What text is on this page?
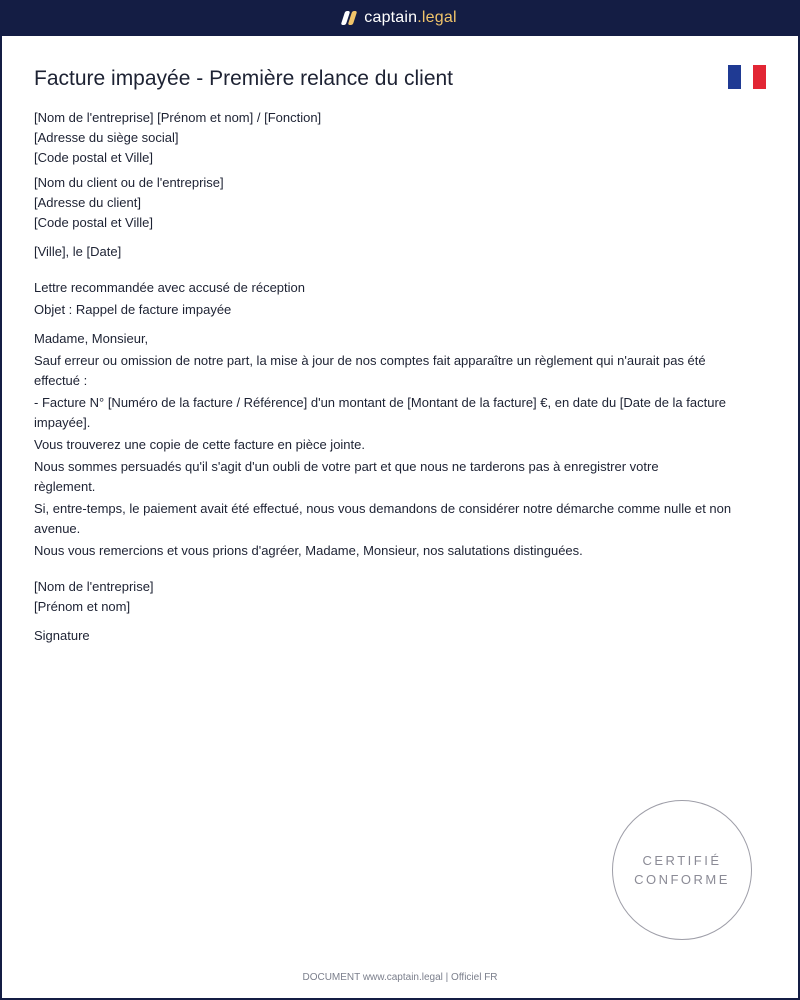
captain.legal
Facture impayée - Première relance du client
[Nom de l'entreprise] [Prénom et nom] / [Fonction]
[Adresse du siège social]
[Code postal et Ville]
[Nom du client ou de l'entreprise]
[Adresse du client]
[Code postal et Ville]
[Ville], le [Date]
Lettre recommandée avec accusé de réception
Objet : Rappel de facture impayée
Madame, Monsieur,
Sauf erreur ou omission de notre part, la mise à jour de nos comptes fait apparaître un règlement qui n'aurait pas été effectué :
- Facture N° [Numéro de la facture / Référence] d'un montant de [Montant de la facture] €, en date du [Date de la facture impayée].
Vous trouverez une copie de cette facture en pièce jointe.
Nous sommes persuadés qu'il s'agit d'un oubli de votre part et que nous ne tarderons pas à enregistrer votre règlement.
Si, entre-temps, le paiement avait été effectué, nous vous demandons de considérer notre démarche comme nulle et non avenue.
Nous vous remercions et vous prions d'agréer, Madame, Monsieur, nos salutations distinguées.
[Nom de l'entreprise]
[Prénom et nom]
Signature
CERTIFIÉ
CONFORME
DOCUMENT www.captain.legal | Officiel FR
